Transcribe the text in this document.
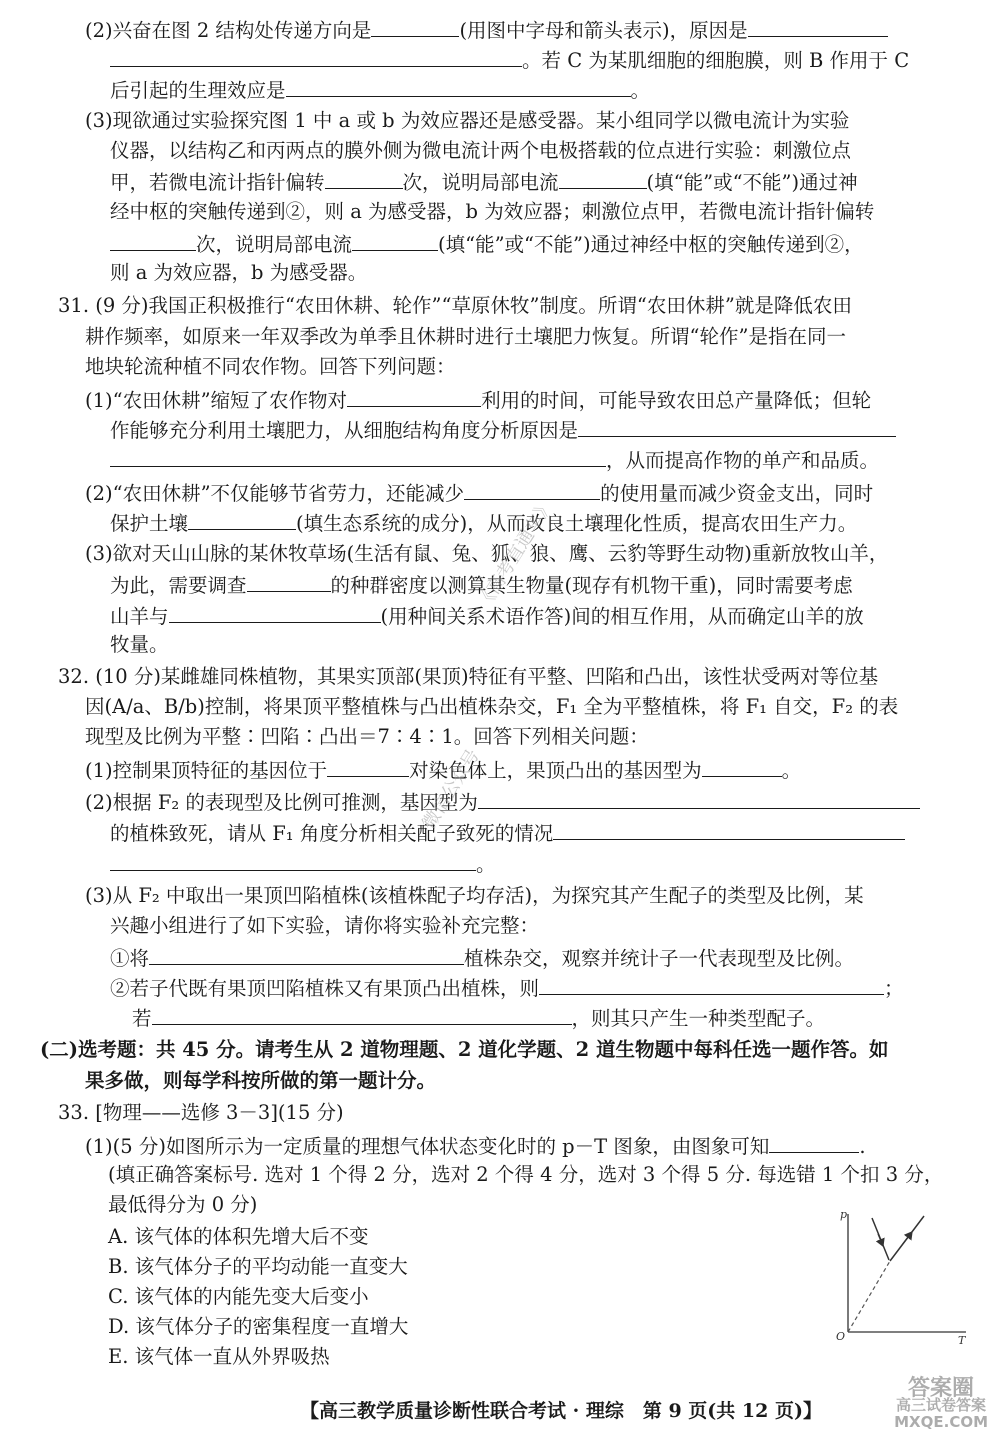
(2)兴奋在图 2 结构处传递方向是	(用图中字母和箭头表示)，原因是
。若 C 为某肌细胞的细胞膜，则 B 作用于 C
后引起的生理效应是	。
(3)现欲通过实验探究图 1 中 a 或 b 为效应器还是感受器。某小组同学以微电流计为实验
仪器，以结构乙和丙两点的膜外侧为微电流计两个电极搭载的位点进行实验：刺激位点
甲，若微电流计指针偏转	次，说明局部电流	(填“能”或“不能”)通过神
经中枢的突触传递到②，则 a 为感受器，b 为效应器；刺激位点甲，若微电流计指针偏转
次，说明局部电流	(填“能”或“不能”)通过神经中枢的突触传递到②，
则 a 为效应器，b 为感受器。
31. (9 分)我国正积极推行“农田休耕、轮作”“草原休牧”制度。所谓“农田休耕”就是降低农田
耕作频率，如原来一年双季改为单季且休耕时进行土壤肥力恢复。所谓“轮作”是指在同一
地块轮流种植不同农作物。回答下列问题：
(1)“农田休耕”缩短了农作物对	利用的时间，可能导致农田总产量降低；但轮
作能够充分利用土壤肥力，从细胞结构角度分析原因是
，从而提高作物的单产和品质。
(2)“农田休耕”不仅能够节省劳力，还能减少	的使用量而减少资金支出，同时
保护土壤	(填生态系统的成分)，从而改良土壤理化性质，提高农田生产力。
(3)欲对天山山脉的某休牧草场(生活有鼠、兔、狐、狼、鹰、云豹等野生动物)重新放牧山羊，
为此，需要调查	的种群密度以测算其生物量(现存有机物干重)，同时需要考虑
山羊与	(用种间关系术语作答)间的相互作用，从而确定山羊的放
牧量。
32. (10 分)某雌雄同株植物，其果实顶部(果顶)特征有平整、凹陷和凸出，该性状受两对等位基
因(A/a、B/b)控制，将果顶平整植株与凸出植株杂交，F₁ 全为平整植株，将 F₁ 自交，F₂ 的表
现型及比例为平整∶凹陷∶凸出＝7∶4∶1。回答下列相关问题：
(1)控制果顶特征的基因位于	对染色体上，果顶凸出的基因型为	。
(2)根据 F₂ 的表现型及比例可推测，基因型为
的植株致死，请从 F₁ 角度分析相关配子致死的情况
。
(3)从 F₂ 中取出一果顶凹陷植株(该植株配子均存活)，为探究其产生配子的类型及比例，某
兴趣小组进行了如下实验，请你将实验补充完整：
①将	植株杂交，观察并统计子一代表现型及比例。
②若子代既有果顶凹陷植株又有果顶凸出植株，则	；
若	，则其只产生一种类型配子。
(二)选考题：共 45 分。请考生从 2 道物理题、2 道化学题、2 道生物题中每科任选一题作答。如
果多做，则每学科按所做的第一题计分。
33. [物理——选修 3－3](15 分)
(1)(5 分)如图所示为一定质量的理想气体状态变化时的 p－T 图象，由图象可知	.
(填正确答案标号. 选对 1 个得 2 分，选对 2 个得 4 分，选对 3 个得 5 分. 每选错 1 个扣 3 分，
最低得分为 0 分)
A. 该气体的体积先增大后不变
B. 该气体分子的平均动能一直变大
C. 该气体的内能先变大后变小
D. 该气体分子的密集程度一直增大
E. 该气体一直从外界吸热
p
T
O
《高考直通车》
微信公众号
【高三教学质量诊断性联合考试 · 理综　第 9 页(共 12 页)】
答案圈
高三试卷答案
MXQE.COM
